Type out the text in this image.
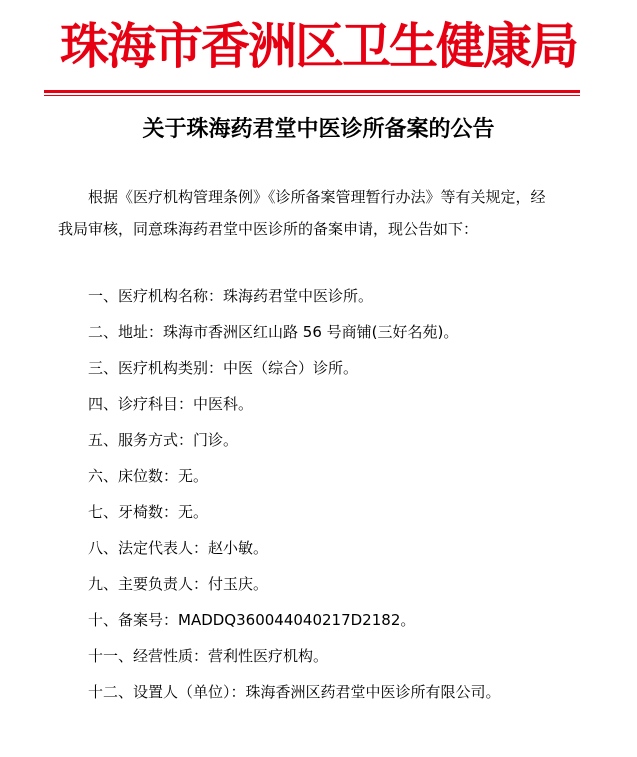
珠海市香洲区卫生健康局
关于珠海药君堂中医诊所备案的公告

根据《医疗机构管理条例》《诊所备案管理暂行办法》等有关规定，经我局审核，同意珠海药君堂中医诊所的备案申请，现公告如下：

一、医疗机构名称：珠海药君堂中医诊所。

二、地址：珠海市香洲区红山路 56 号商铺(三好名苑)。

三、医疗机构类别：中医（综合）诊所。

四、诊疗科目：中医科。

五、服务方式：门诊。

六、床位数：无。

七、牙椅数：无。

八、法定代表人：赵小敏。

九、主要负责人：付玉庆。

十、备案号：MADDQ360044040217D2182。

十一、经营性质：营利性医疗机构。

十二、设置人（单位）：珠海香洲区药君堂中医诊所有限公司。
